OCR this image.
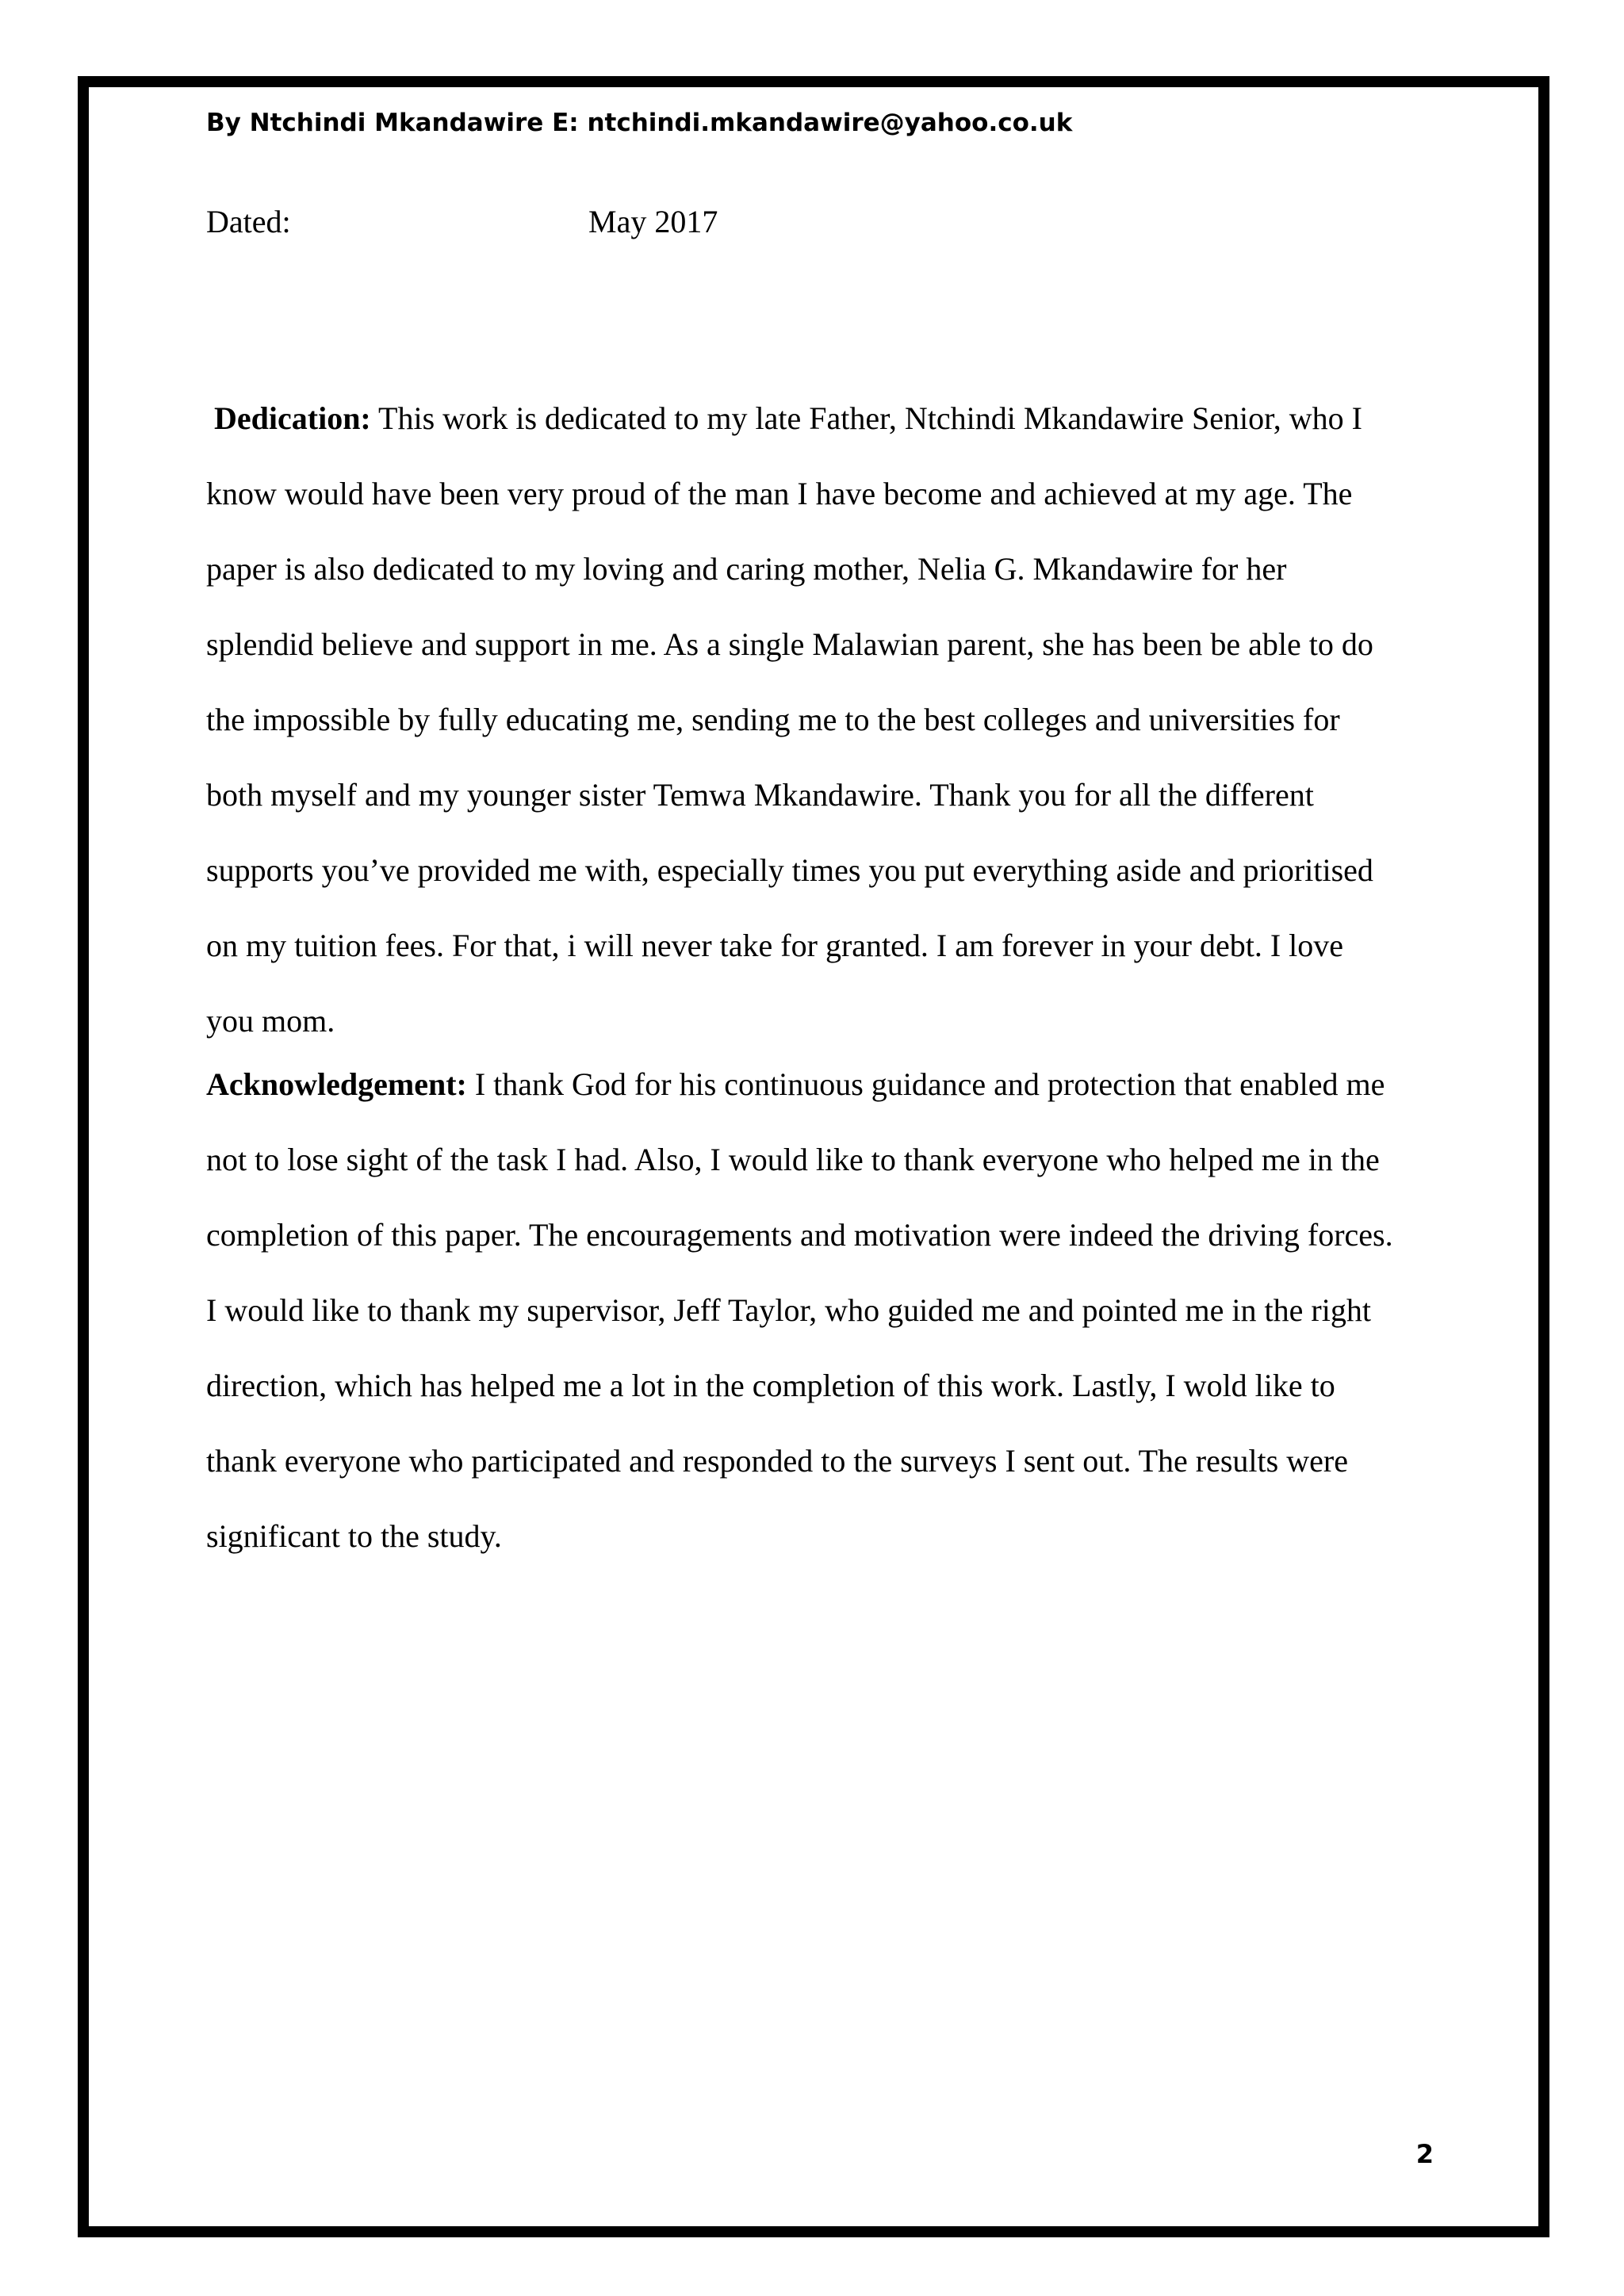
By Ntchindi Mkandawire E: ntchindi.mkandawire@yahoo.co.uk
Dated:	May 2017
Dedication: This work is dedicated to my late Father, Ntchindi Mkandawire Senior, who I
know would have been very proud of the man I have become and achieved at my age. The
paper is also dedicated to my loving and caring mother, Nelia G. Mkandawire for her
splendid believe and support in me. As a single Malawian parent, she has been be able to do
the impossible by fully educating me, sending me to the best colleges and universities for
both myself and my younger sister Temwa Mkandawire. Thank you for all the different
supports you’ve provided me with, especially times you put everything aside and prioritised
on my tuition fees. For that, i will never take for granted. I am forever in your debt. I love
you mom.
Acknowledgement: I thank God for his continuous guidance and protection that enabled me
not to lose sight of the task I had. Also, I would like to thank everyone who helped me in the
completion of this paper. The encouragements and motivation were indeed the driving forces.
I would like to thank my supervisor, Jeff Taylor, who guided me and pointed me in the right
direction, which has helped me a lot in the completion of this work. Lastly, I wold like to
thank everyone who participated and responded to the surveys I sent out. The results were
significant to the study.
2
